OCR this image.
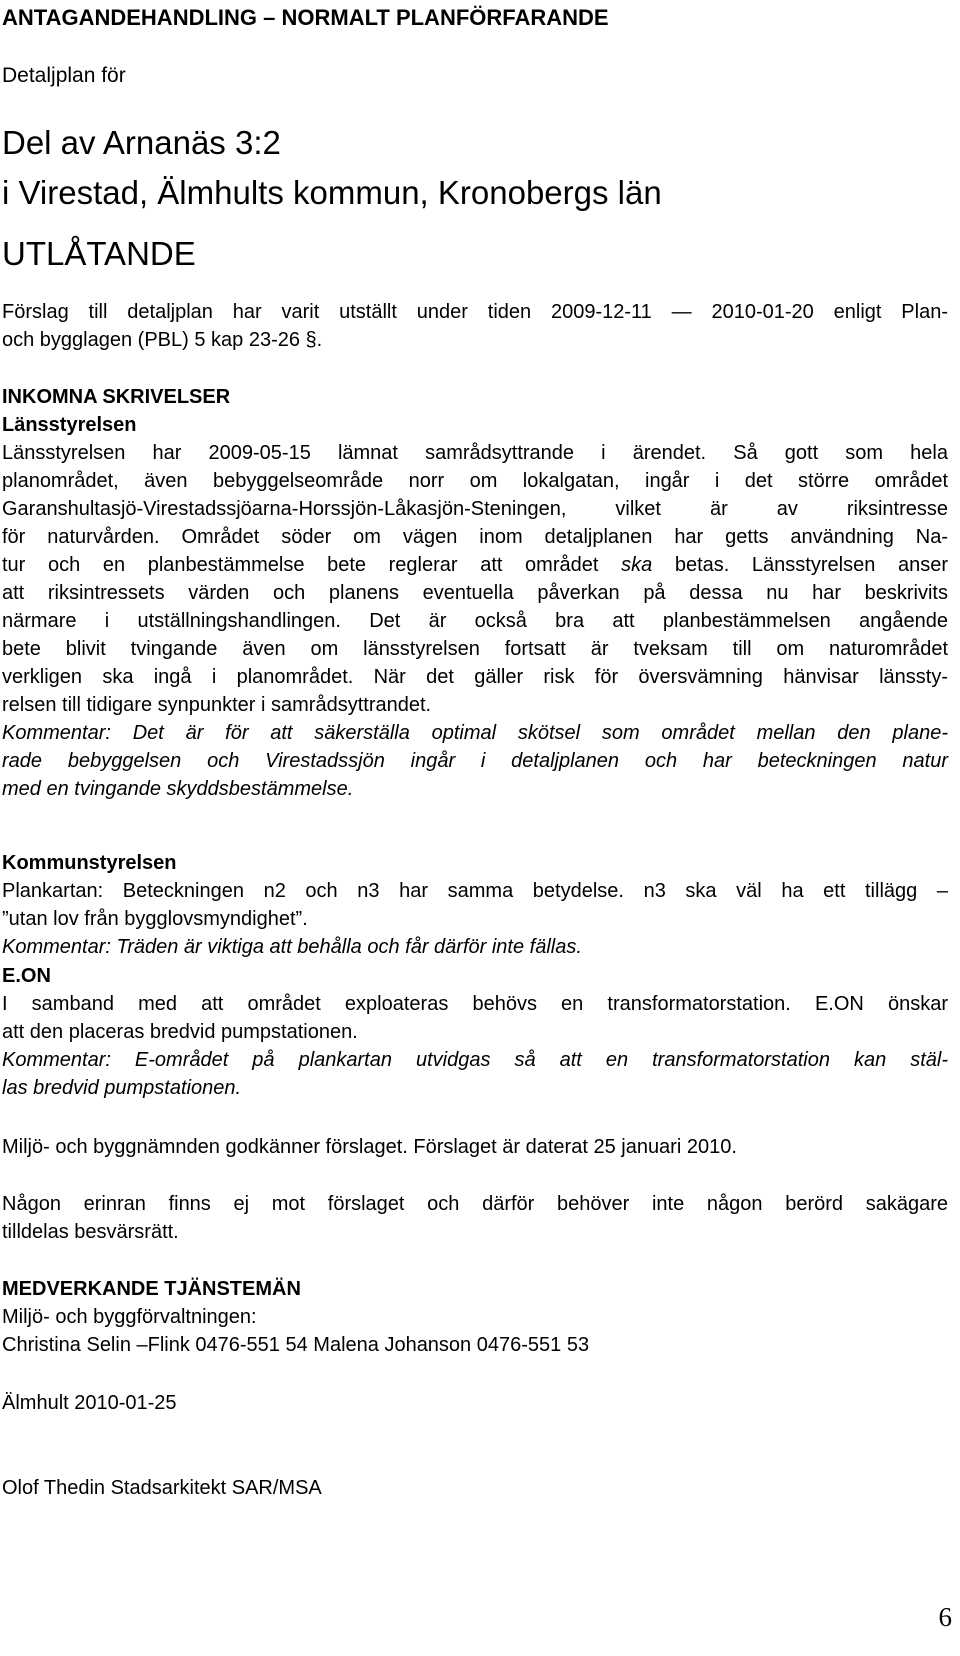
ANTAGANDEHANDLING – NORMALT PLANFÖRFARANDE
Detaljplan för
Del av Arnanäs 3:2
i Virestad, Älmhults kommun, Kronobergs län
UTLÅTANDE
Förslag till detaljplan har varit utställt under tiden 2009-12-11 — 2010-01-20 enligt Plan-
och bygglagen (PBL) 5 kap 23-26 §.
INKOMNA SKRIVELSER
Länsstyrelsen
Länsstyrelsen har 2009-05-15 lämnat samrådsyttrande i ärendet. Så gott som hela
planområdet, även bebyggelseområde norr om lokalgatan, ingår i det större området
Garanshultasjö-Virestadssjöarna-Horssjön-Låkasjön-Steningen, vilket är av riksintresse
för naturvården. Området söder om vägen inom detaljplanen har getts användning Na-
tur och en planbestämmelse bete reglerar att området ska betas. Länsstyrelsen anser
att riksintressets värden och planens eventuella påverkan på dessa nu har beskrivits
närmare i utställningshandlingen. Det är också bra att planbestämmelsen angående
bete blivit tvingande även om länsstyrelsen fortsatt är tveksam till om naturområdet
verkligen ska ingå i planområdet. När det gäller risk för översvämning hänvisar länssty-
relsen till tidigare synpunkter i samrådsyttrandet.
Kommentar: Det är för att säkerställa optimal skötsel som området mellan den plane-
rade bebyggelsen och Virestadssjön ingår i detaljplanen och har beteckningen natur
med en tvingande skyddsbestämmelse.
Kommunstyrelsen
Plankartan: Beteckningen n2 och n3 har samma betydelse. n3 ska väl ha ett tillägg –
”utan lov från bygglovsmyndighet”.
Kommentar: Träden är viktiga att behålla och får därför inte fällas.
E.ON
I samband med att området exploateras behövs en transformatorstation. E.ON önskar
att den placeras bredvid pumpstationen.
Kommentar: E-området på plankartan utvidgas så att en transformatorstation kan stäl-
las bredvid pumpstationen.
Miljö- och byggnämnden godkänner förslaget. Förslaget är daterat 25 januari 2010.
Någon erinran finns ej mot förslaget och därför behöver inte någon berörd sakägare
tilldelas besvärsrätt.
MEDVERKANDE TJÄNSTEMÄN
Miljö- och byggförvaltningen:
Christina Selin –Flink 0476-551 54 Malena Johanson 0476-551 53
Älmhult 2010-01-25
Olof Thedin Stadsarkitekt SAR/MSA
6
